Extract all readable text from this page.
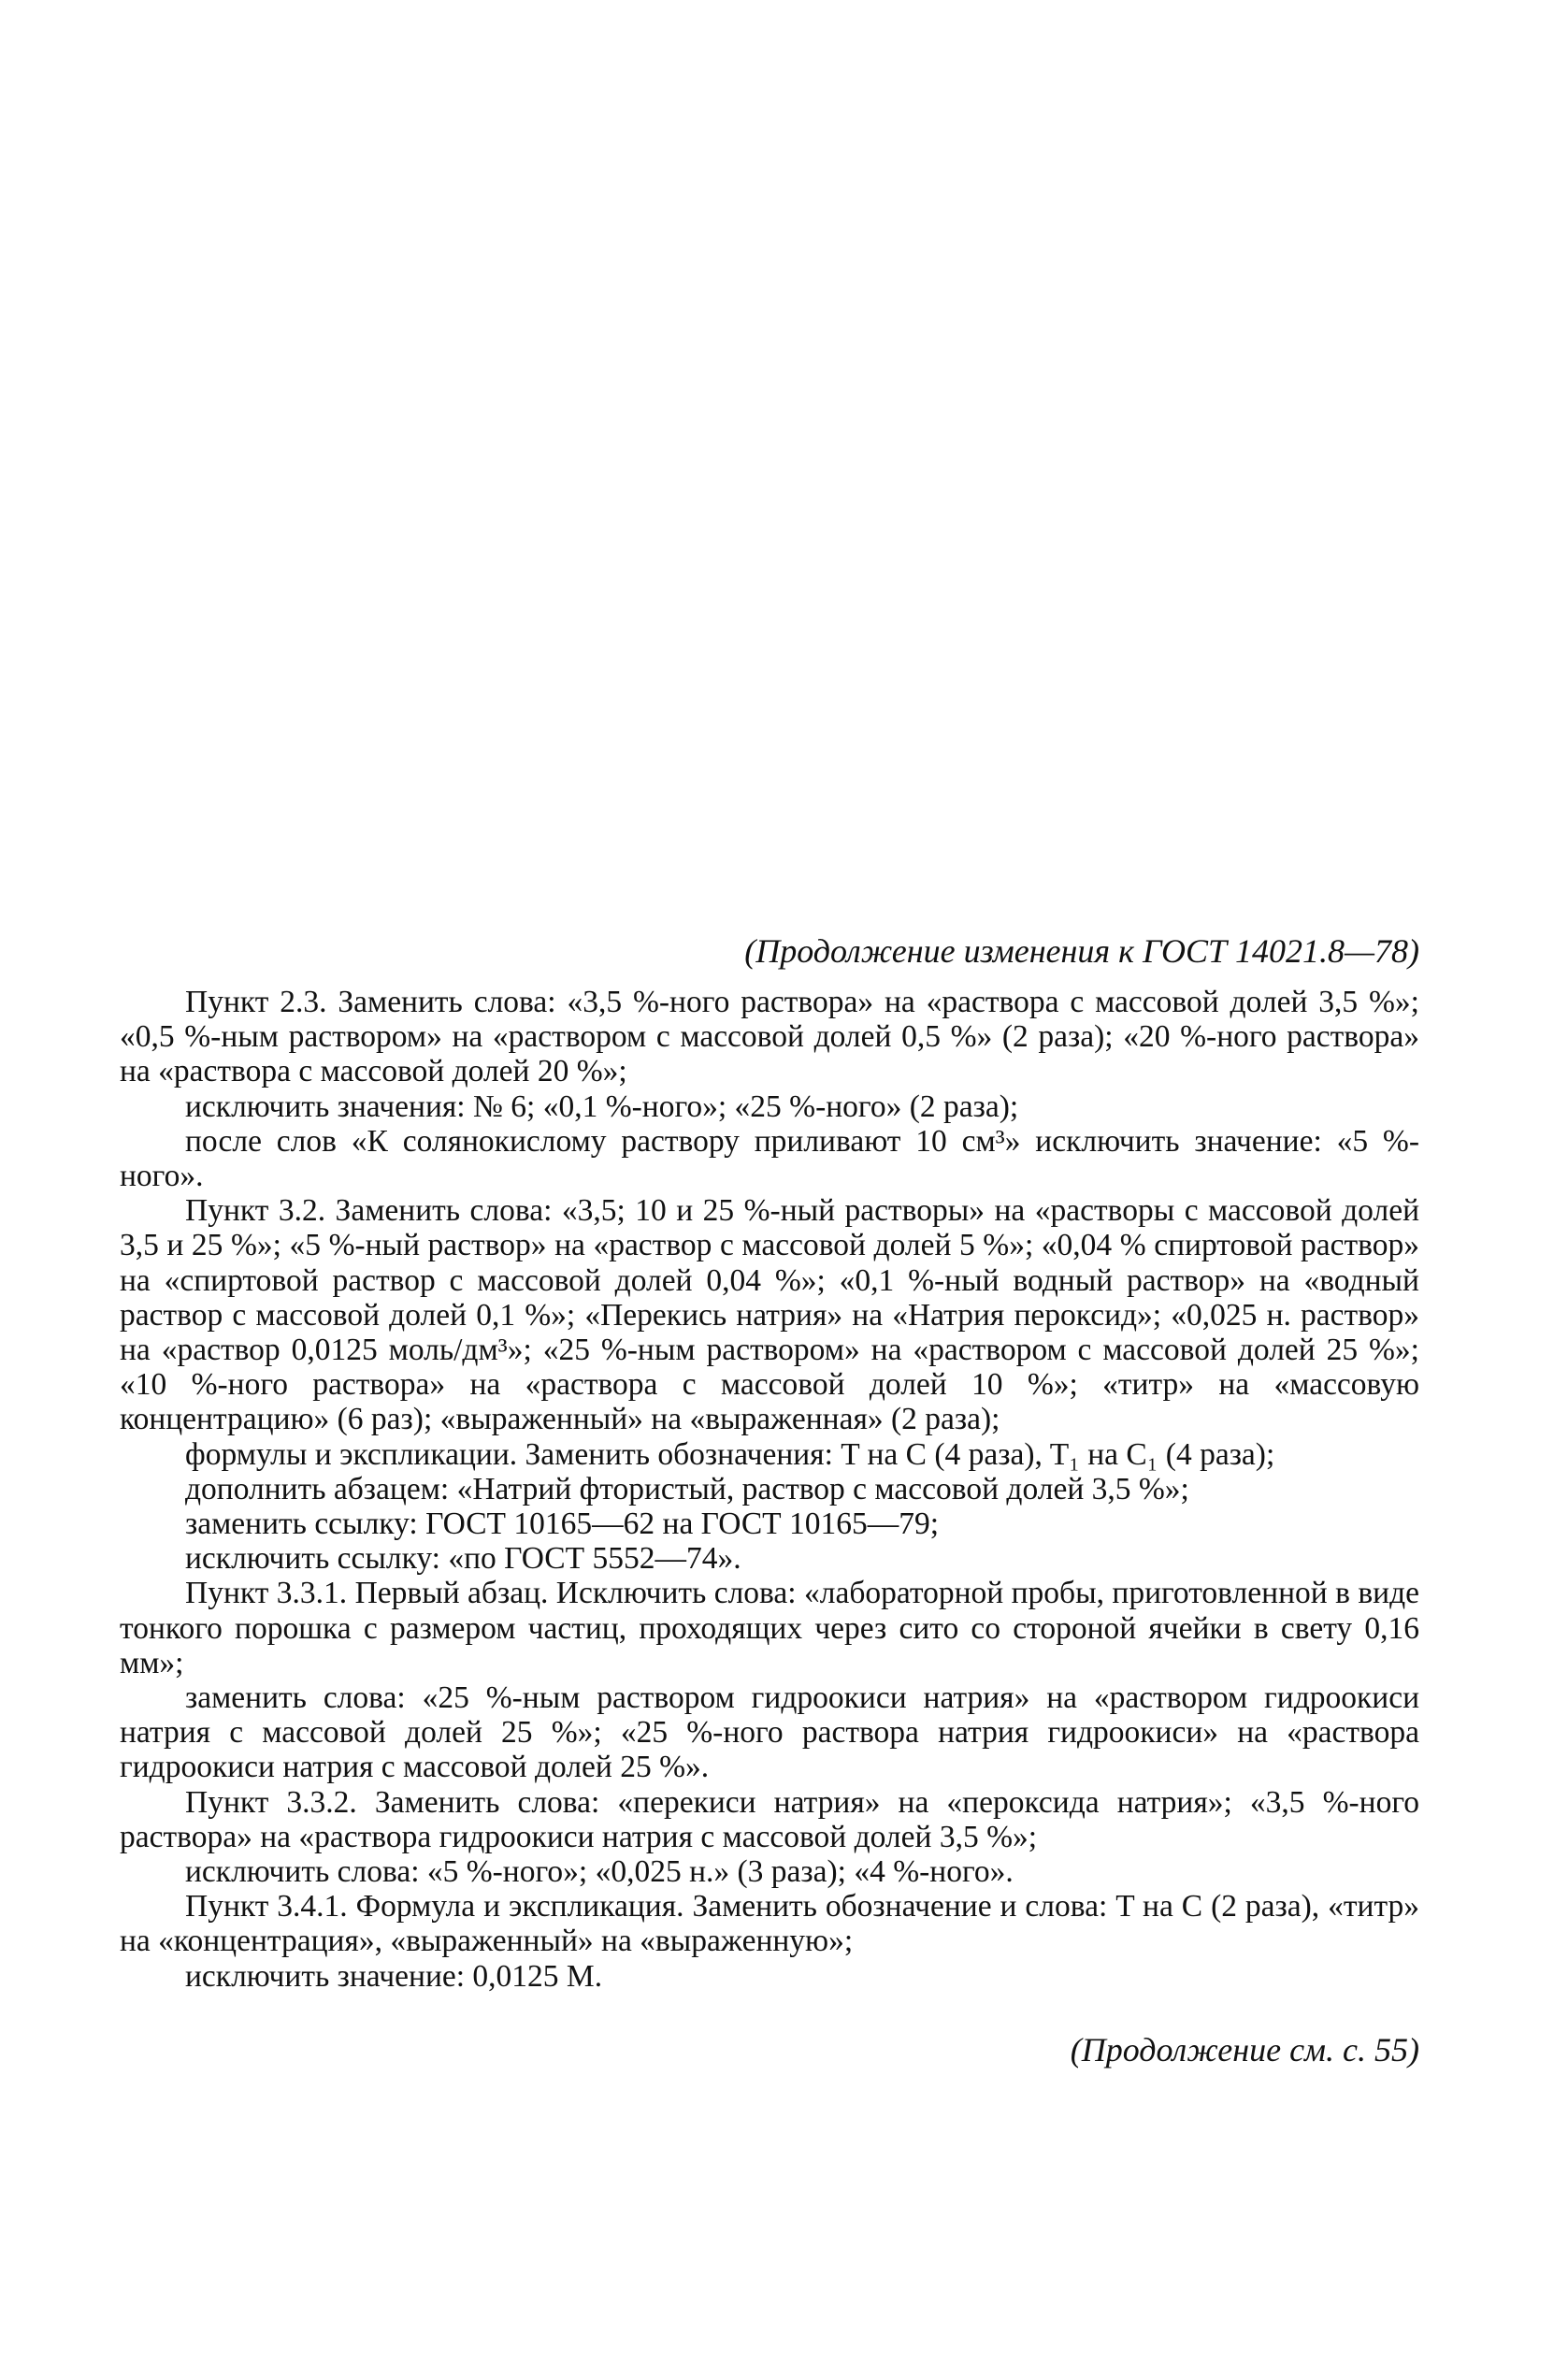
(Продолжение изменения к ГОСТ 14021.8—78)

Пункт 2.3. Заменить слова: «3,5 %-ного раствора» на «раствора с массовой долей 3,5 %»; «0,5 %-ным раствором» на «раствором с массовой долей 0,5 %» (2 раза); «20 %-ного раствора» на «раствора с массовой долей 20 %»;

исключить значения: № 6; «0,1 %-ного»; «25 %-ного» (2 раза);

после слов «К солянокислому раствору приливают 10 см³» исключить значение: «5 %-ного».

Пункт 3.2. Заменить слова: «3,5; 10 и 25 %-ный растворы» на «растворы с массовой долей 3,5 и 25 %»; «5 %-ный раствор» на «раствор с массовой долей 5 %»; «0,04 % спиртовой раствор» на «спиртовой раствор с массовой долей 0,04 %»; «0,1 %-ный водный раствор» на «водный раствор с массовой долей 0,1 %»; «Перекись натрия» на «Натрия пероксид»; «0,025 н. раствор» на «раствор 0,0125 моль/дм³»; «25 %-ным раствором» на «раствором с массовой долей 25 %»; «10 %-ного раствора» на «раствора с массовой долей 10 %»; «титр» на «массовую концентрацию» (6 раз); «выраженный» на «выраженная» (2 раза);

формулы и экспликации. Заменить обозначения: T на C (4 раза), T₁ на C₁ (4 раза);

дополнить абзацем: «Натрий фтористый, раствор с массовой долей 3,5 %»;

заменить ссылку: ГОСТ 10165—62 на ГОСТ 10165—79;

исключить ссылку: «по ГОСТ 5552—74».

Пункт 3.3.1. Первый абзац. Исключить слова: «лабораторной пробы, приготовленной в виде тонкого порошка с размером частиц, проходящих через сито со стороной ячейки в свету 0,16 мм»;

заменить слова: «25 %-ным раствором гидроокиси натрия» на «раствором гидроокиси натрия с массовой долей 25 %»; «25 %-ного раствора натрия гидроокиси» на «раствора гидроокиси натрия с массовой долей 25 %».

Пункт 3.3.2. Заменить слова: «перекиси натрия» на «пероксида натрия»; «3,5 %-ного раствора» на «раствора гидроокиси натрия с массовой долей 3,5 %»;

исключить слова: «5 %-ного»; «0,025 н.» (3 раза); «4 %-ного».

Пункт 3.4.1. Формула и экспликация. Заменить обозначение и слова: T на C (2 раза), «титр» на «концентрация», «выраженный» на «выраженную»;

исключить значение: 0,0125 М.

(Продолжение см. с. 55)
